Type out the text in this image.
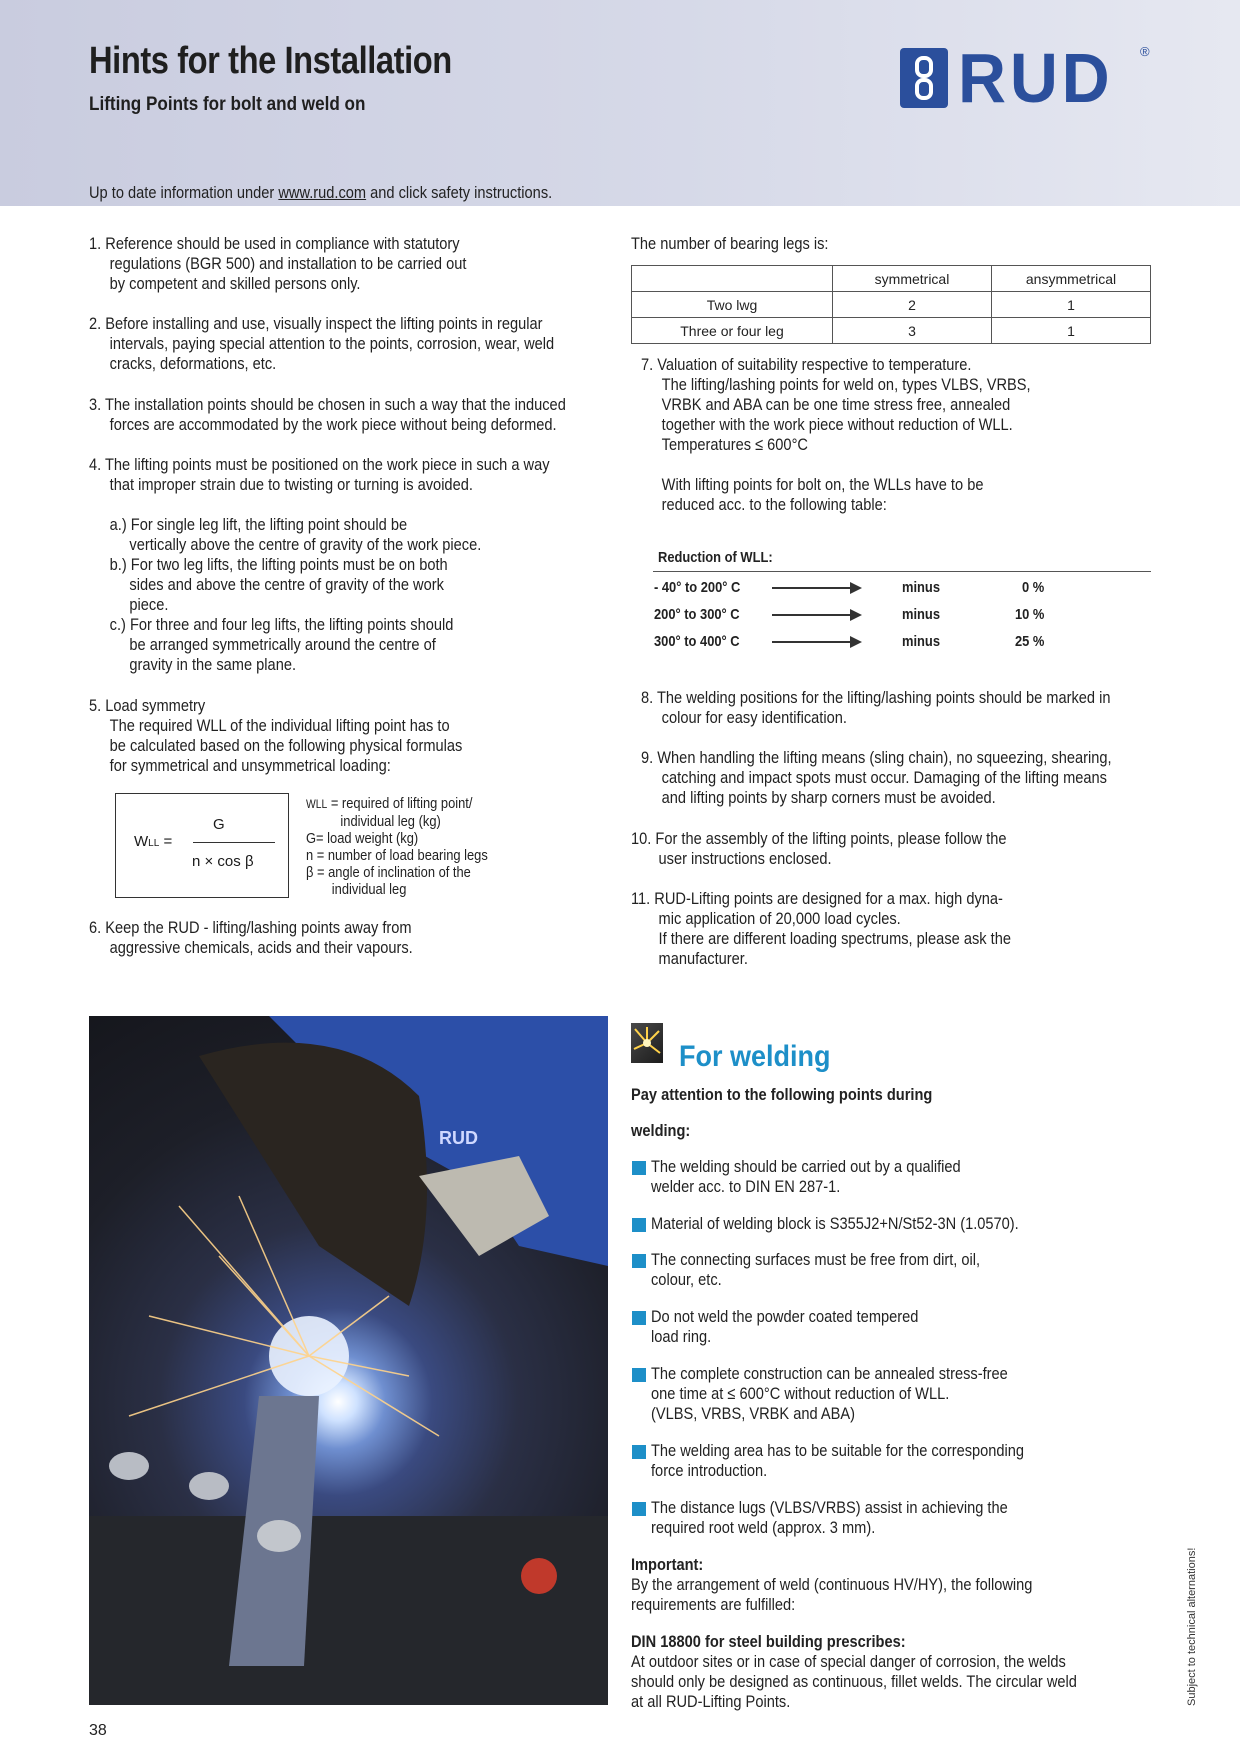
Hints for the Installation
Lifting Points for bolt and weld on
Up to date information under www.rud.com and click safety instructions.
RUD ®
1. Reference should be used in compliance with statutory
regulations (BGR 500) and installation to be carried out
by competent and skilled persons only.
2. Before installing and use, visually inspect the lifting points in regular
intervals, paying special attention to the points, corrosion, wear, weld
cracks, deformations, etc.
3. The installation points should be chosen in such a way that the induced
forces are accommodated by the work piece without being deformed.
4. The lifting points must be positioned on the work piece in such a way
that improper strain due to twisting or turning is avoided.
a.) For single leg lift, the lifting point should be
vertically above the centre of gravity of the work piece.
b.) For two leg lifts, the lifting points must be on both
sides and above the centre of gravity of the work
piece.
c.) For three and four leg lifts, the lifting points should
be arranged symmetrically around the centre of
gravity in the same plane.
5. Load symmetry
The required WLL of the individual lifting point has to
be calculated based on the following physical formulas
for symmetrical and unsymmetrical loading:
WLL =
G
n × cos β
WLL = required of lifting point/
individual leg (kg)
G= load weight (kg)
n = number of load bearing legs
β = angle of inclination of the
individual leg
6. Keep the RUD - lifting/lashing points away from
aggressive chemicals, acids and their vapours.
The number of bearing legs is:
	symmetrical	ansymmetrical
Two lwg	2	1
Three or four leg	3	1
7. Valuation of suitability respective to temperature.
The lifting/lashing points for weld on, types VLBS, VRBS,
VRBK and ABA can be one time stress free, annealed
together with the work piece without reduction of WLL.
Temperatures ≤ 600°C
With lifting points for bolt on, the WLLs have to be
reduced acc. to the following table:
Reduction of WLL:
- 40° to 200° C	minus	0 %
200° to 300° C	minus	10 %
300° to 400° C	minus	25 %
8. The welding positions for the lifting/lashing points should be marked in
colour for easy identification.
9. When handling the lifting means (sling chain), no squeezing, shearing,
catching and impact spots must occur. Damaging of the lifting means
and lifting points by sharp corners must be avoided.
10. For the assembly of the lifting points, please follow the
user instructions enclosed.
11. RUD-Lifting points are designed for a max. high dyna-
mic application of 20,000 load cycles.
If there are different loading spectrums, please ask the
manufacturer.
RUD
For welding
Pay attention to the following points during
welding:
The welding should be carried out by a qualified
welder acc. to DIN EN 287-1.
Material of welding block is S355J2+N/St52-3N (1.0570).
The connecting surfaces must be free from dirt, oil,
colour, etc.
Do not weld the powder coated tempered
load ring.
The complete construction can be annealed stress-free
one time at ≤ 600°C without reduction of WLL.
(VLBS, VRBS, VRBK and ABA)
The welding area has to be suitable for the corresponding
force introduction.
The distance lugs (VLBS/VRBS) assist in achieving the
required root weld (approx. 3 mm).
Important:
By the arrangement of weld (continuous HV/HY), the following
requirements are fulfilled:
DIN 18800 for steel building prescribes:
At outdoor sites or in case of special danger of corrosion, the welds
should only be designed as continuous, fillet welds. The circular weld
at all RUD-Lifting Points.
38
Subject to technical alternations!
